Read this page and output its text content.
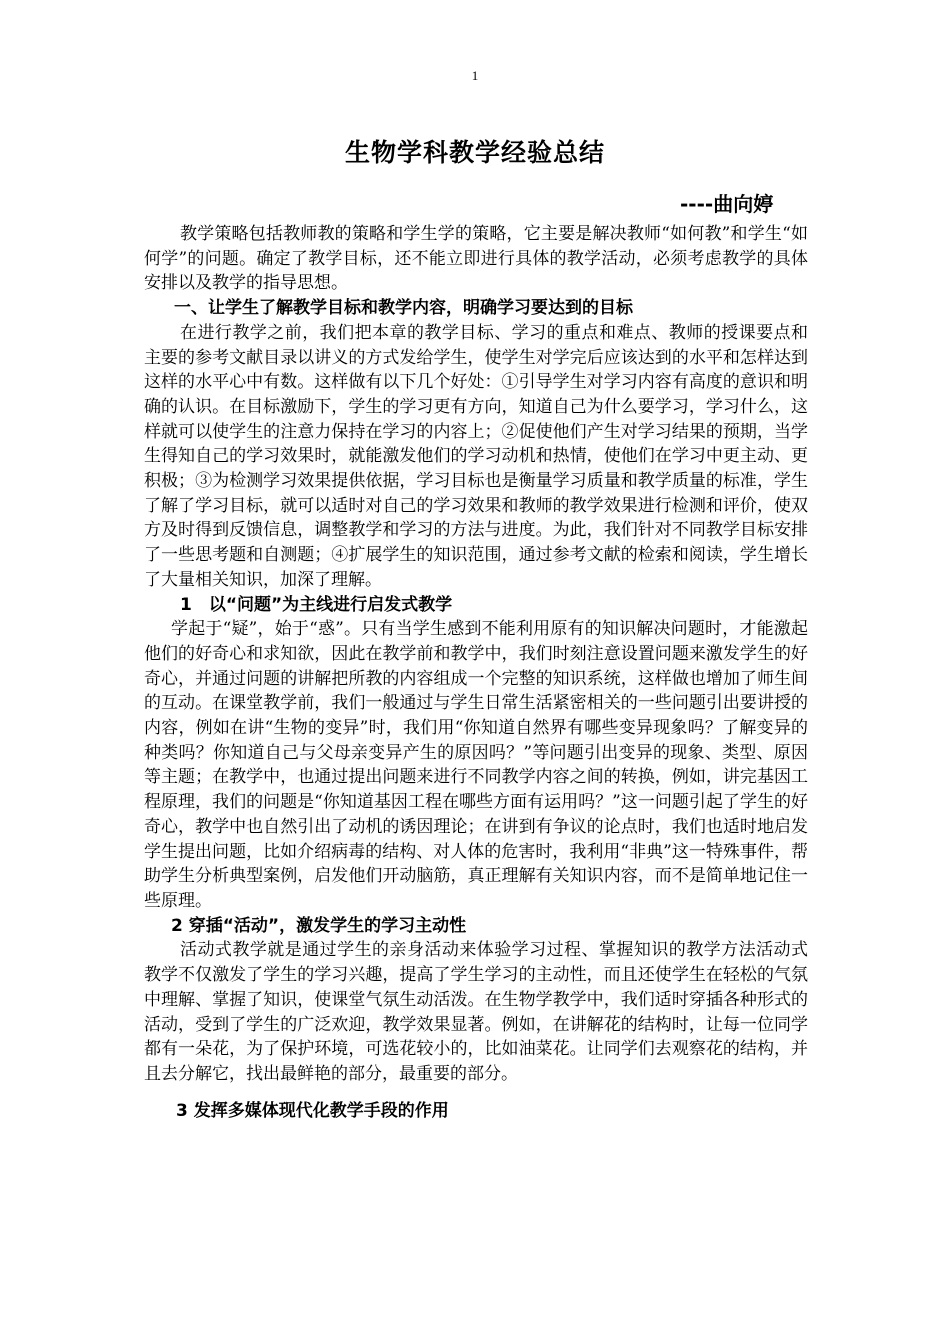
1
生物学科教学经验总结
----曲向婷

教学策略包括教师教的策略和学生学的策略，它主要是解决教师“如何教”和学生“如何学”的问题。确定了教学目标，还不能立即进行具体的教学活动，必须考虑教学的具体安排以及教学的指导思想。

一、让学生了解教学目标和教学内容，明确学习要达到的目标

在进行教学之前，我们把本章的教学目标、学习的重点和难点、教师的授课要点和主要的参考文献目录以讲义的方式发给学生，使学生对学完后应该达到的水平和怎样达到这样的水平心中有数。这样做有以下几个好处：①引导学生对学习内容有高度的意识和明确的认识。在目标激励下，学生的学习更有方向，知道自己为什么要学习，学习什么，这样就可以使学生的注意力保持在学习的内容上；②促使他们产生对学习结果的预期，当学生得知自己的学习效果时，就能激发他们的学习动机和热情，使他们在学习中更主动、更积极；③为检测学习效果提供依据，学习目标也是衡量学习质量和教学质量的标准，学生了解了学习目标，就可以适时对自己的学习效果和教师的教学效果进行检测和评价，使双方及时得到反馈信息，调整教学和学习的方法与进度。为此，我们针对不同教学目标安排了一些思考题和自测题；④扩展学生的知识范围，通过参考文献的检索和阅读，学生增长了大量相关知识，加深了理解。

1　以“问题”为主线进行启发式教学

学起于“疑”，始于“惑”。只有当学生感到不能利用原有的知识解决问题时，才能激起他们的好奇心和求知欲，因此在教学前和教学中，我们时刻注意设置问题来激发学生的好奇心，并通过问题的讲解把所教的内容组成一个完整的知识系统，这样做也增加了师生间的互动。在课堂教学前，我们一般通过与学生日常生活紧密相关的一些问题引出要讲授的内容，例如在讲“生物的变异”时，我们用“你知道自然界有哪些变异现象吗？了解变异的种类吗？你知道自己与父母亲变异产生的原因吗？”等问题引出变异的现象、类型、原因等主题；在教学中，也通过提出问题来进行不同教学内容之间的转换，例如，讲完基因工程原理，我们的问题是“你知道基因工程在哪些方面有运用吗？”这一问题引起了学生的好奇心，教学中也自然引出了动机的诱因理论；在讲到有争议的论点时，我们也适时地启发学生提出问题，比如介绍病毒的结构、对人体的危害时，我利用“非典”这一特殊事件，帮助学生分析典型案例，启发他们开动脑筋，真正理解有关知识内容，而不是简单地记住一些原理。

2 穿插“活动”，激发学生的学习主动性

活动式教学就是通过学生的亲身活动来体验学习过程、掌握知识的教学方法活动式教学不仅激发了学生的学习兴趣，提高了学生学习的主动性，而且还使学生在轻松的气氛中理解、掌握了知识，使课堂气氛生动活泼。在生物学教学中，我们适时穿插各种形式的活动，受到了学生的广泛欢迎，教学效果显著。例如，在讲解花的结构时，让每一位同学都有一朵花，为了保护环境，可选花较小的，比如油菜花。让同学们去观察花的结构，并且去分解它，找出最鲜艳的部分，最重要的部分。

3 发挥多媒体现代化教学手段的作用
